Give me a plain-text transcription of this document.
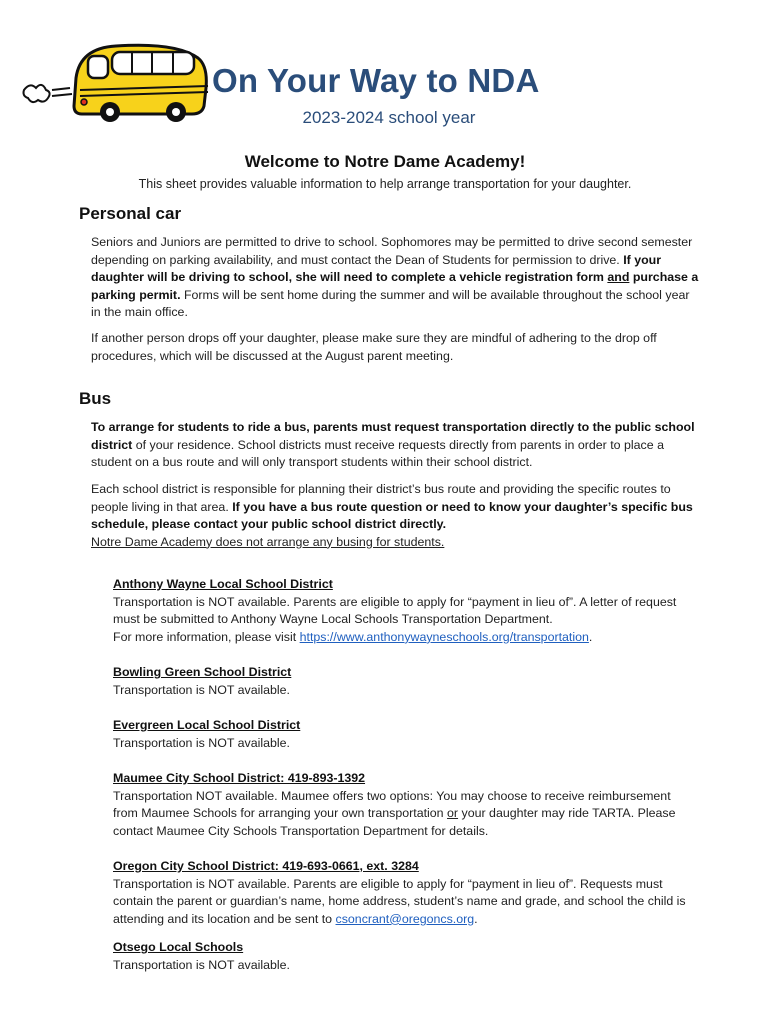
On Your Way to NDA
2023-2024 school year
Welcome to Notre Dame Academy!
This sheet provides valuable information to help arrange transportation for your daughter.
Personal car
Seniors and Juniors are permitted to drive to school. Sophomores may be permitted to drive second semester depending on parking availability, and must contact the Dean of Students for permission to drive. If your daughter will be driving to school, she will need to complete a vehicle registration form and purchase a parking permit. Forms will be sent home during the summer and will be available throughout the school year in the main office.
If another person drops off your daughter, please make sure they are mindful of adhering to the drop off procedures, which will be discussed at the August parent meeting.
Bus
To arrange for students to ride a bus, parents must request transportation directly to the public school district of your residence. School districts must receive requests directly from parents in order to place a student on a bus route and will only transport students within their school district.
Each school district is responsible for planning their district’s bus route and providing the specific routes to people living in that area. If you have a bus route question or need to know your daughter’s specific bus schedule, please contact your public school district directly.
Notre Dame Academy does not arrange any busing for students.
Anthony Wayne Local School District
Transportation is NOT available. Parents are eligible to apply for “payment in lieu of”. A letter of request must be submitted to Anthony Wayne Local Schools Transportation Department.
For more information, please visit https://www.anthonywayneschools.org/transportation.
Bowling Green School District
Transportation is NOT available.
Evergreen Local School District
Transportation is NOT available.
Maumee City School District: 419-893-1392
Transportation NOT available. Maumee offers two options: You may choose to receive reimbursement from Maumee Schools for arranging your own transportation or your daughter may ride TARTA. Please contact Maumee City Schools Transportation Department for details.
Oregon City School District: 419-693-0661, ext. 3284
Transportation is NOT available. Parents are eligible to apply for “payment in lieu of”. Requests must contain the parent or guardian’s name, home address, student’s name and grade, and school the child is attending and its location and be sent to csoncrant@oregoncs.org.
Otsego Local Schools
Transportation is NOT available.
